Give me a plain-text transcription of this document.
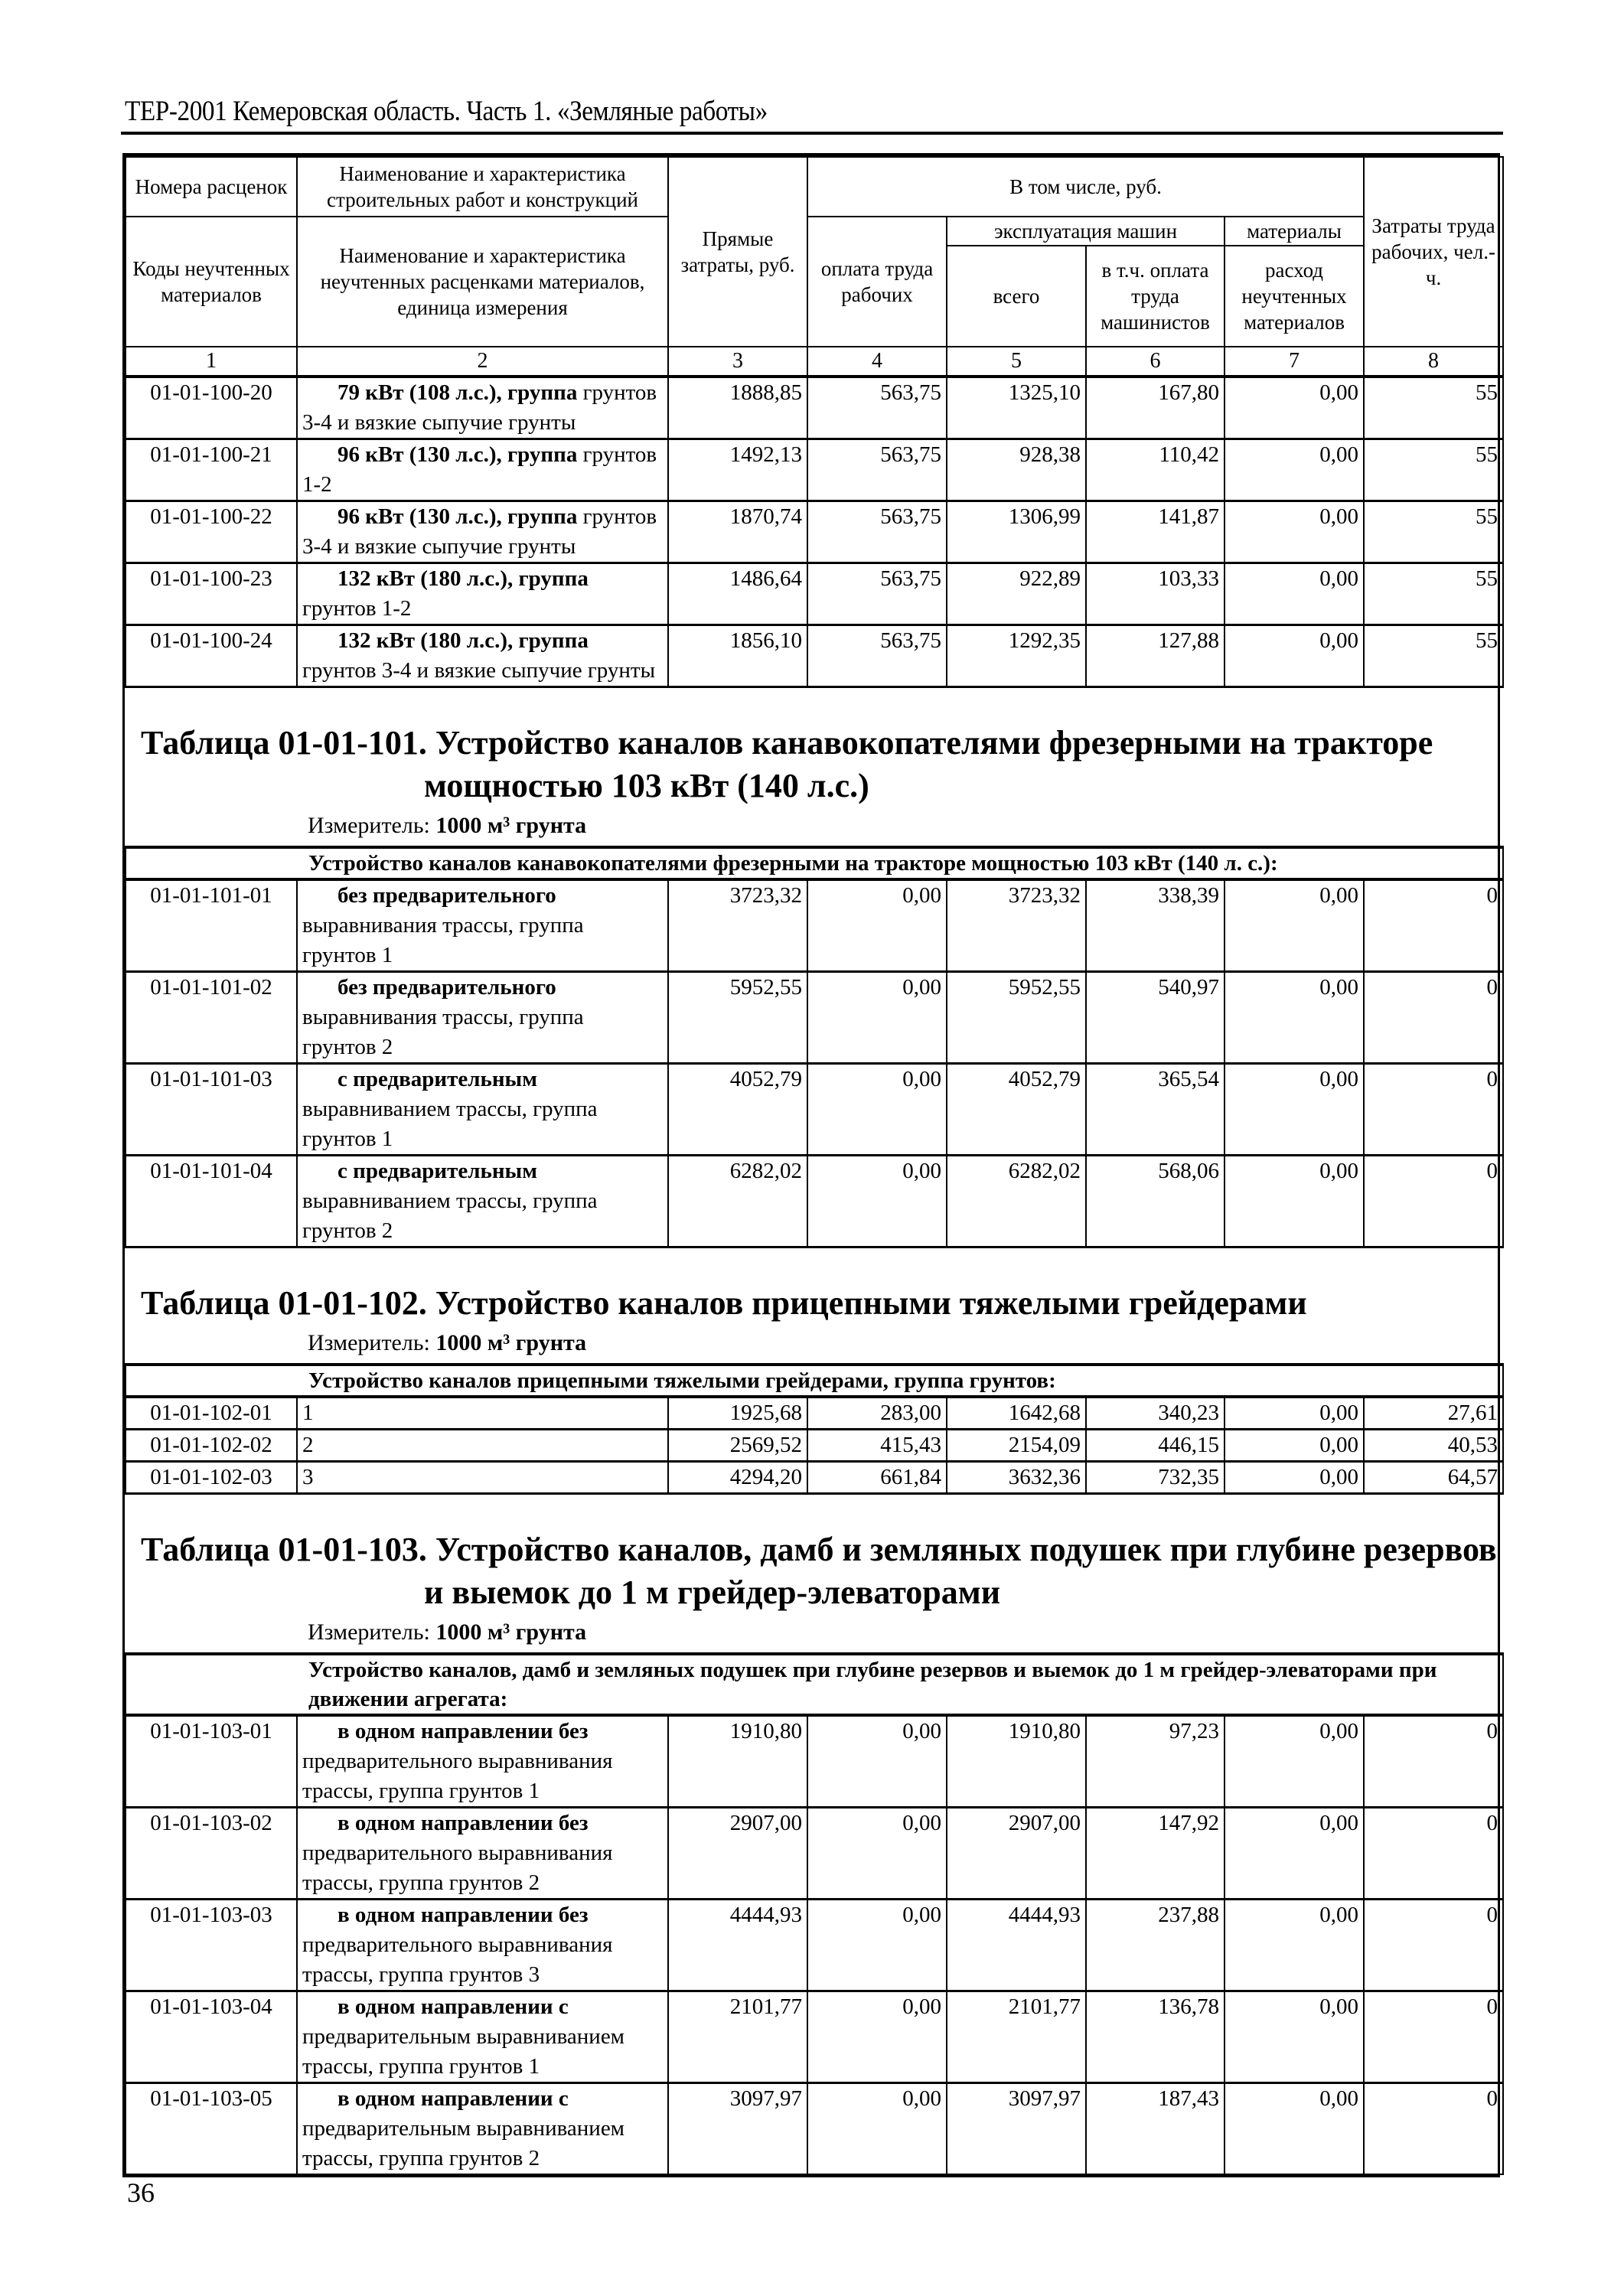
ТЕР-2001 Кемеровская область. Часть 1. «Земляные работы»
Номера расценок	Наименование и характеристика строительных работ и конструкций	Прямые затраты, руб.	В том числе, руб.				Затраты труда рабочих, чел.-ч.
Коды неучтенных материалов	Наименование и характеристика неучтенных расценками материалов, единица измерения		оплата труда рабочих	эксплуатация машин		материалы	
				всего	в т.ч. оплата труда машинистов	расход неучтенных материалов	
1	2	3	4	5	6	7	8
01-01-100-20	79 кВт (108 л.с.), группа грунтов 3-4 и вязкие сыпучие грунты	1888,85	563,75	1325,10	167,80	0,00	55
01-01-100-21	96 кВт (130 л.с.), группа грунтов 1-2	1492,13	563,75	928,38	110,42	0,00	55
01-01-100-22	96 кВт (130 л.с.), группа грунтов 3-4 и вязкие сыпучие грунты	1870,74	563,75	1306,99	141,87	0,00	55
01-01-100-23	132 кВт (180 л.с.), группа грунтов 1-2	1486,64	563,75	922,89	103,33	0,00	55
01-01-100-24	132 кВт (180 л.с.), группа грунтов 3-4 и вязкие сыпучие грунты	1856,10	563,75	1292,35	127,88	0,00	55

Таблица 01-01-101. Устройство каналов канавокопателями фрезерными на тракторе
мощностью 103 кВт (140 л.с.)
Измеритель: 1000 м³ грунта							

Устройство каналов канавокопателями фрезерными на тракторе мощностью 103 кВт (140 л. с.):							
01-01-101-01	без предварительного выравнивания трассы, группа грунтов 1	3723,32	0,00	3723,32	338,39	0,00	0
01-01-101-02	без предварительного выравнивания трассы, группа грунтов 2	5952,55	0,00	5952,55	540,97	0,00	0
01-01-101-03	с предварительным выравниванием трассы, группа грунтов 1	4052,79	0,00	4052,79	365,54	0,00	0
01-01-101-04	с предварительным выравниванием трассы, группа грунтов 2	6282,02	0,00	6282,02	568,06	0,00	0

Таблица 01-01-102. Устройство каналов прицепными тяжелыми грейдерами
Измеритель: 1000 м³ грунта							

Устройство каналов прицепными тяжелыми грейдерами, группа грунтов:							
01-01-102-01	1	1925,68	283,00	1642,68	340,23	0,00	27,61
01-01-102-02	2	2569,52	415,43	2154,09	446,15	0,00	40,53
01-01-102-03	3	4294,20	661,84	3632,36	732,35	0,00	64,57

Таблица 01-01-103. Устройство каналов, дамб и земляных подушек при глубине резервов
и выемок до 1 м грейдер-элеваторами
Измеритель: 1000 м³ грунта							

Устройство каналов, дамб и земляных подушек при глубине резервов и выемок до 1 м грейдер-элеваторами при движении агрегата:							
01-01-103-01	в одном направлении без предварительного выравнивания трассы, группа грунтов 1	1910,80	0,00	1910,80	97,23	0,00	0
01-01-103-02	в одном направлении без предварительного выравнивания трассы, группа грунтов 2	2907,00	0,00	2907,00	147,92	0,00	0
01-01-103-03	в одном направлении без предварительного выравнивания трассы, группа грунтов 3	4444,93	0,00	4444,93	237,88	0,00	0
01-01-103-04	в одном направлении с предварительным выравниванием трассы, группа грунтов 1	2101,77	0,00	2101,77	136,78	0,00	0
01-01-103-05	в одном направлении с предварительным выравниванием трассы, группа грунтов 2	3097,97	0,00	3097,97	187,43	0,00	0
36
